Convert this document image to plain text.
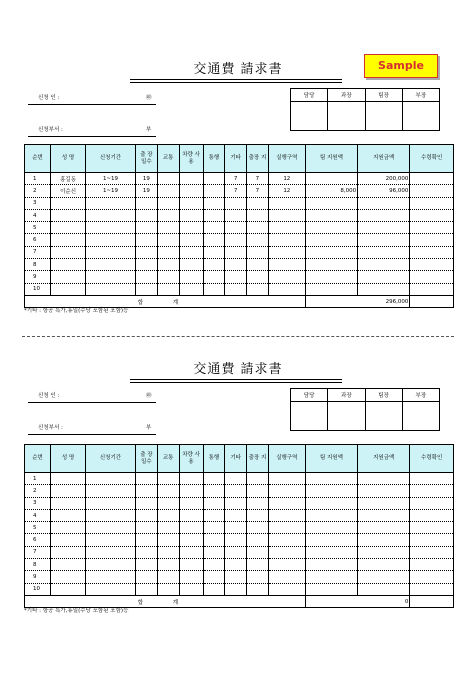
Sample
交通費 請求書
신청 인 :	㊞
신청부서 :	부
담당	과장	팀장	부장

순번	성 명	신청기간	출 장 일수	교통	차량 사용	통행	기타	출장 지	실행구역	팀 지원액	지원금액	수령확인
1	홍길동	1~19	19				7	7	12		200,000	
2	이순신	1~19	19				7	7	12	8,000	96,000	
3												
4												
5												
6												
7												
8												
9												
10												
합 계										296,000		
*기타 : 항공 특가,휴일(수당 포함된 포함)등
交通費 請求書
신청 인 :	㊞
신청부서 :	부
담당	과장	팀장	부장

순번	성 명	신청기간	출 장 일수	교통	차량 사용	통행	기타	출장 지	실행구역	팀 지원액	지원금액	수령확인
1												
2												
3												
4												
5												
6												
7												
8												
9												
10												
합 계										0		
*기타 : 항공 특가,휴일(수당 포함된 포함)등
